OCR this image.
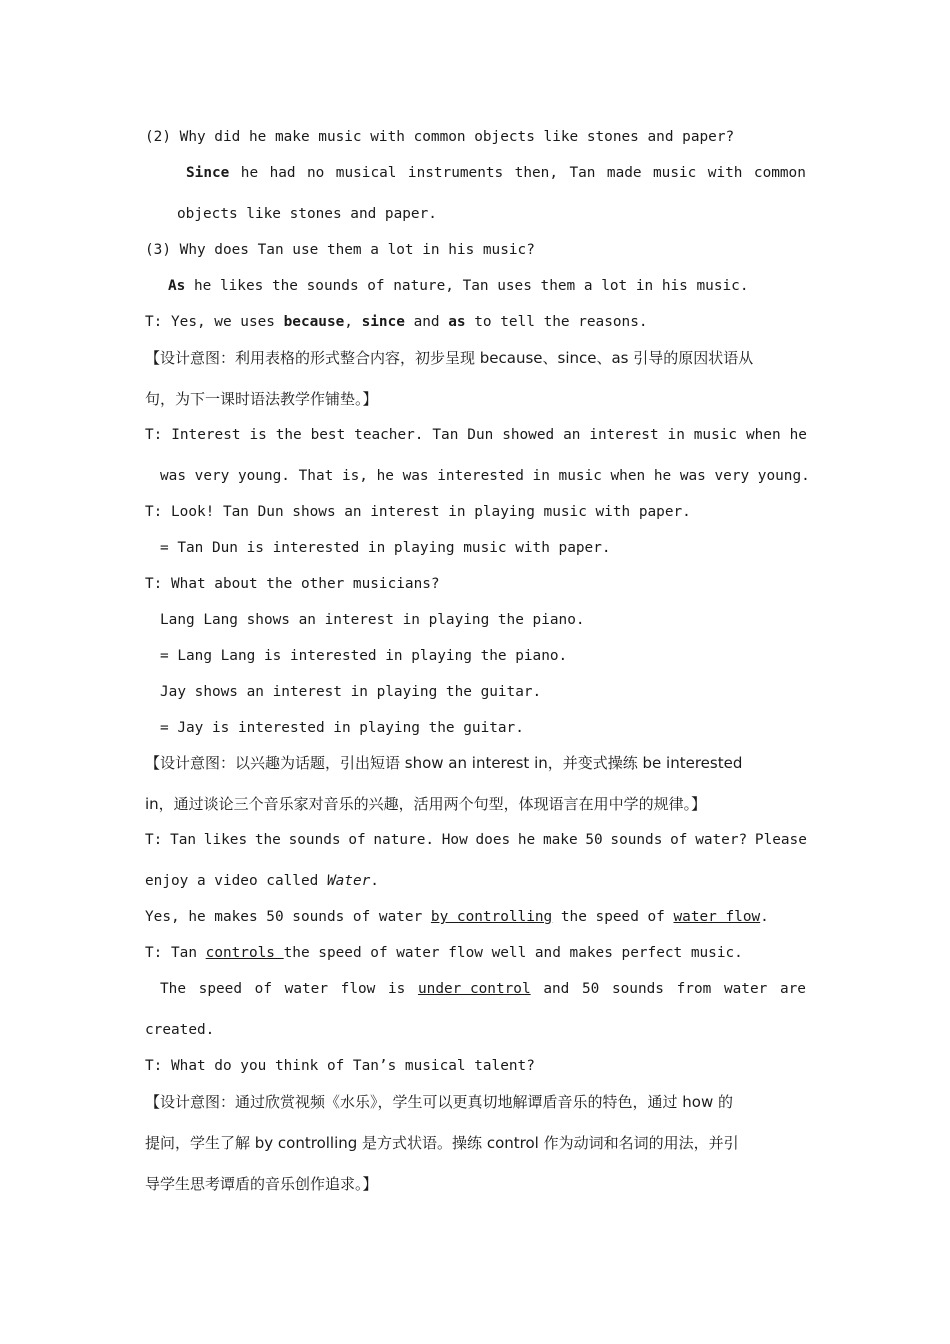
(2) Why did he make music with common objects like stones and paper?
Since he had no musical instruments then, Tan made music with common
objects like stones and paper.
(3) Why does Tan use them a lot in his music?
As he likes the sounds of nature, Tan uses them a lot in his music.
T: Yes, we uses because, since and as to tell the reasons.
【设计意图：利用表格的形式整合内容，初步呈现 because、since、as 引导的原因状语从
句，为下一课时语法教学作铺垫。】
T: Interest is the best teacher. Tan Dun showed an interest in music when he
was very young. That is, he was interested in music when he was very young.
T: Look! Tan Dun shows an interest in playing music with paper.
= Tan Dun is interested in playing music with paper.
T: What about the other musicians?
Lang Lang shows an interest in playing the piano.
= Lang Lang is interested in playing the piano.
Jay shows an interest in playing the guitar.
= Jay is interested in playing the guitar.
【设计意图：以兴趣为话题，引出短语 show an interest in，并变式操练 be interested
in，通过谈论三个音乐家对音乐的兴趣，活用两个句型，体现语言在用中学的规律。】
T: Tan likes the sounds of nature. How does he make 50 sounds of water? Please
enjoy a video called Water.
Yes, he makes 50 sounds of water by controlling the speed of water flow.
T: Tan controls the speed of water flow well and makes perfect music.
The speed of water flow is under control and 50 sounds from water are
created.
T: What do you think of Tan’s musical talent?
【设计意图：通过欣赏视频《水乐》，学生可以更真切地解谭盾音乐的特色，通过 how 的
提问，学生了解 by controlling 是方式状语。操练 control 作为动词和名词的用法，并引
导学生思考谭盾的音乐创作追求。】
